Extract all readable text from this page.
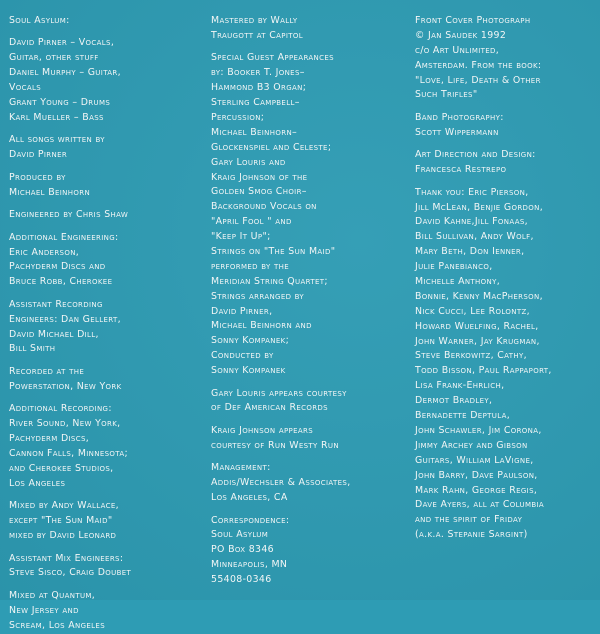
Soul Asylum:
David Pirner – Vocals,
Guitar, other stuff
Daniel Murphy – Guitar,
Vocals
Grant Young – Drums
Karl Mueller – Bass
All songs written by
David Pirner
Produced by
Michael Beinhorn
Engineered by Chris Shaw
Additional Engineering:
Eric Anderson,
Pachyderm Discs and
Bruce Robb, Cherokee
Assistant Recording
Engineers: Dan Gellert,
David Michael Dill,
Bill Smith
Recorded at the
Powerstation, New York
Additional Recording:
River Sound, New York,
Pachyderm Discs,
Cannon Falls, Minnesota;
and Cherokee Studios,
Los Angeles
Mixed by Andy Wallace,
except "The Sun Maid"
mixed by David Leonard
Assistant Mix Engineers:
Steve Sisco, Craig Doubet
Mixed at Quantum,
New Jersey and
Scream, Los Angeles
Mastered by Wally
Traugott at Capitol
Special Guest Appearances
by: Booker T. Jones–
Hammond B3 Organ;
Sterling Campbell–
Percussion;
Michael Beinhorn–
Glockenspiel and Celeste;
Gary Louris and
Kraig Johnson of the
Golden Smog Choir–
Background Vocals on
"April Fool " and
"Keep It Up";
Strings on "The Sun Maid"
performed by the
Meridian String Quartet;
Strings arranged by
David Pirner,
Michael Beinhorn and
Sonny Kompanek;
Conducted by
Sonny Kompanek
Gary Louris appears courtesy
of Def American Records
Kraig Johnson appears
courtesy of Run Westy Run
Management:
Addis/Wechsler & Associates,
Los Angeles, CA
Correspondence:
Soul Asylum
PO Box 8346
Minneapolis, MN
55408-0346
Front Cover Photograph
© Jan Saudek 1992
c/o Art Unlimited,
Amsterdam. From the book:
"Love, Life, Death & Other
Such Trifles"
Band Photography:
Scott Wippermann
Art Direction and Design:
Francesca Restrepo
Thank you: Eric Pierson,
Jill McLean, Benjie Gordon,
David Kahne,Jill Fonaas,
Bill Sullivan, Andy Wolf,
Mary Beth, Don Ienner,
Julie Panebianco,
Michelle Anthony,
Bonnie, Kenny MacPherson,
Nick Cucci, Lee Rolontz,
Howard Wuelfing, Rachel,
John Warner, Jay Krugman,
Steve Berkowitz, Cathy,
Todd Bisson, Paul Rappaport,
Lisa Frank-Ehrlich,
Dermot Bradley,
Bernadette Deptula,
John Schawler, Jim Corona,
Jimmy Archey and Gibson
Guitars, William LaVigne,
John Barry, Dave Paulson,
Mark Rahn, George Regis,
Dave Ayers, all at Columbia
and the spirit of Friday
(a.k.a. Stepanie Sargint)
